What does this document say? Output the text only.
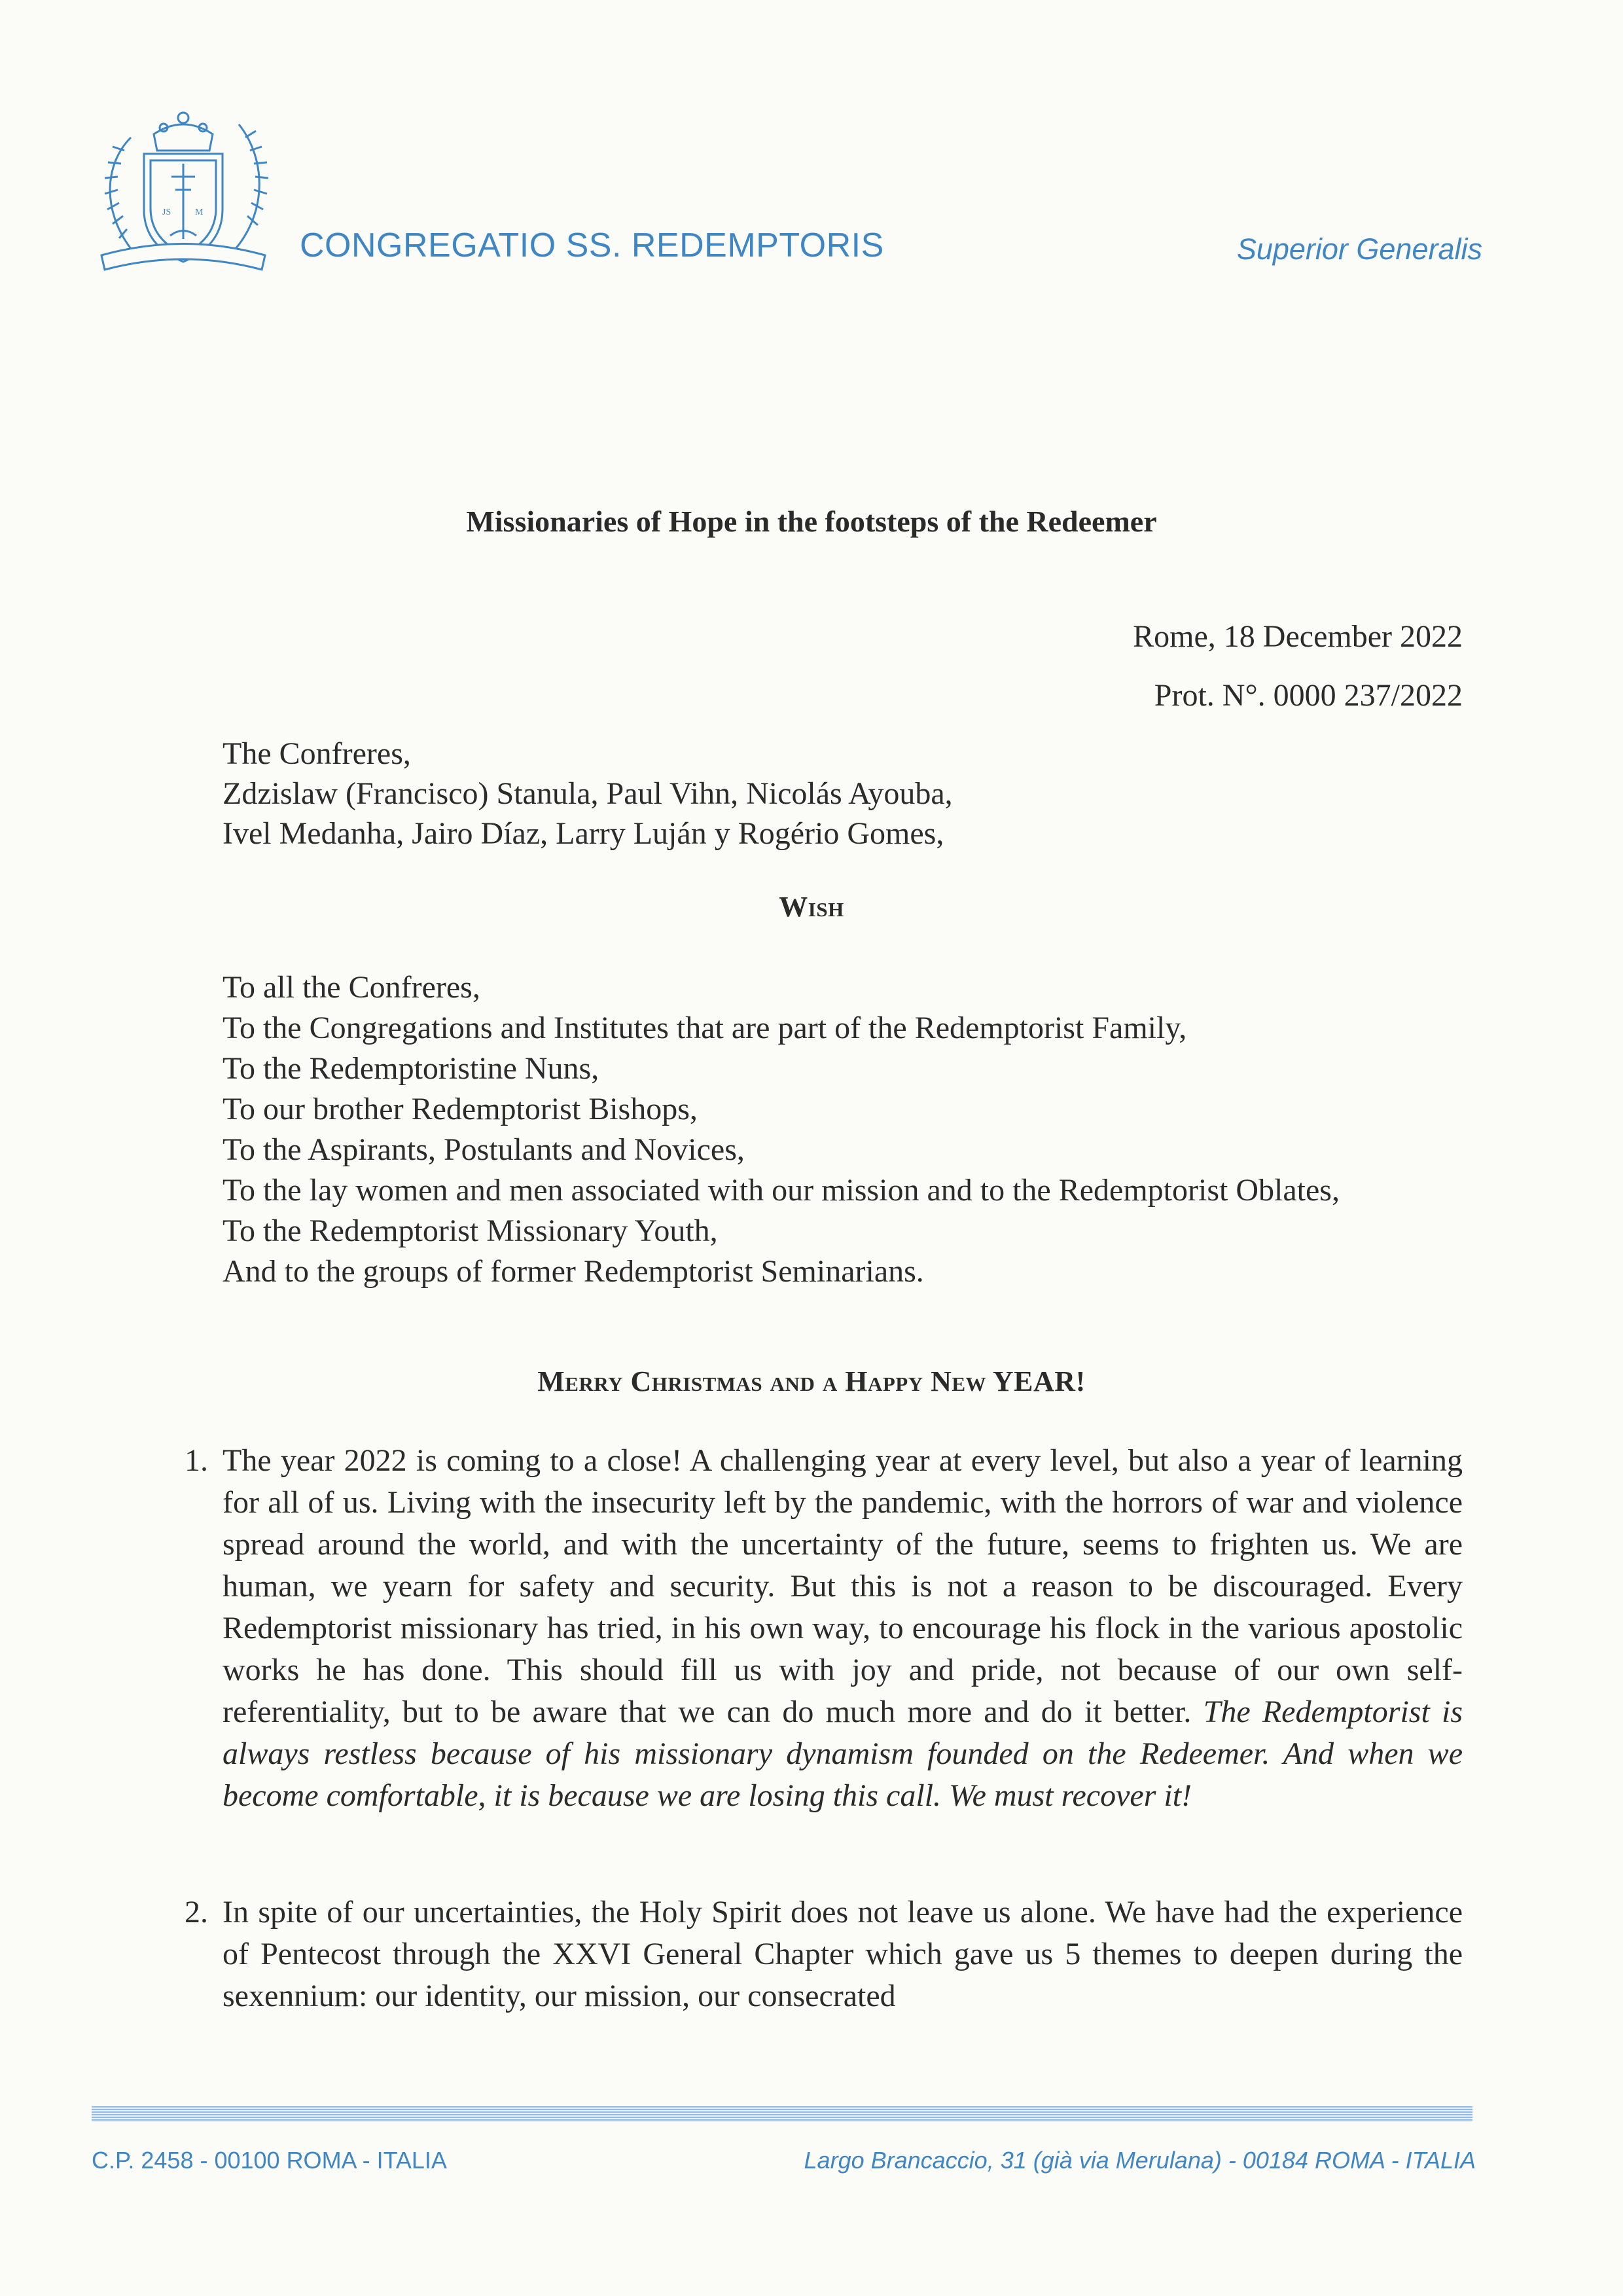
JS	M
CONGREGATIO SS. REDEMPTORIS	Superior Generalis
Missionaries of Hope in the footsteps of the Redeemer
Rome, 18 December 2022
Prot. N°. 0000 237/2022
The Confreres,
Zdzislaw (Francisco) Stanula, Paul Vihn, Nicolás Ayouba,
Ivel Medanha, Jairo Díaz, Larry Luján y Rogério Gomes,
Wish
To all the Confreres,
To the Congregations and Institutes that are part of the Redemptorist Family,
To the Redemptoristine Nuns,
To our brother Redemptorist Bishops,
To the Aspirants, Postulants and Novices,
To the lay women and men associated with our mission and to the Redemptorist Oblates,
To the Redemptorist Missionary Youth,
And to the groups of former Redemptorist Seminarians.
Merry Christmas and a Happy New YEAR!
1. The year 2022 is coming to a close! A challenging year at every level, but also a year of learning for all of us. Living with the insecurity left by the pandemic, with the horrors of war and violence spread around the world, and with the uncertainty of the future, seems to frighten us. We are human, we yearn for safety and security. But this is not a reason to be discouraged. Every Redemptorist missionary has tried, in his own way, to encourage his flock in the various apostolic works he has done. This should fill us with joy and pride, not because of our own self-referentiality, but to be aware that we can do much more and do it better. The Redemptorist is always restless because of his missionary dynamism founded on the Redeemer. And when we become comfortable, it is because we are losing this call. We must recover it!
2. In spite of our uncertainties, the Holy Spirit does not leave us alone. We have had the experience of Pentecost through the XXVI General Chapter which gave us 5 themes to deepen during the sexennium: our identity, our mission, our consecrated
C.P. 2458 - 00100 ROMA - ITALIA	Largo Brancaccio, 31 (già via Merulana) - 00184 ROMA - ITALIA
